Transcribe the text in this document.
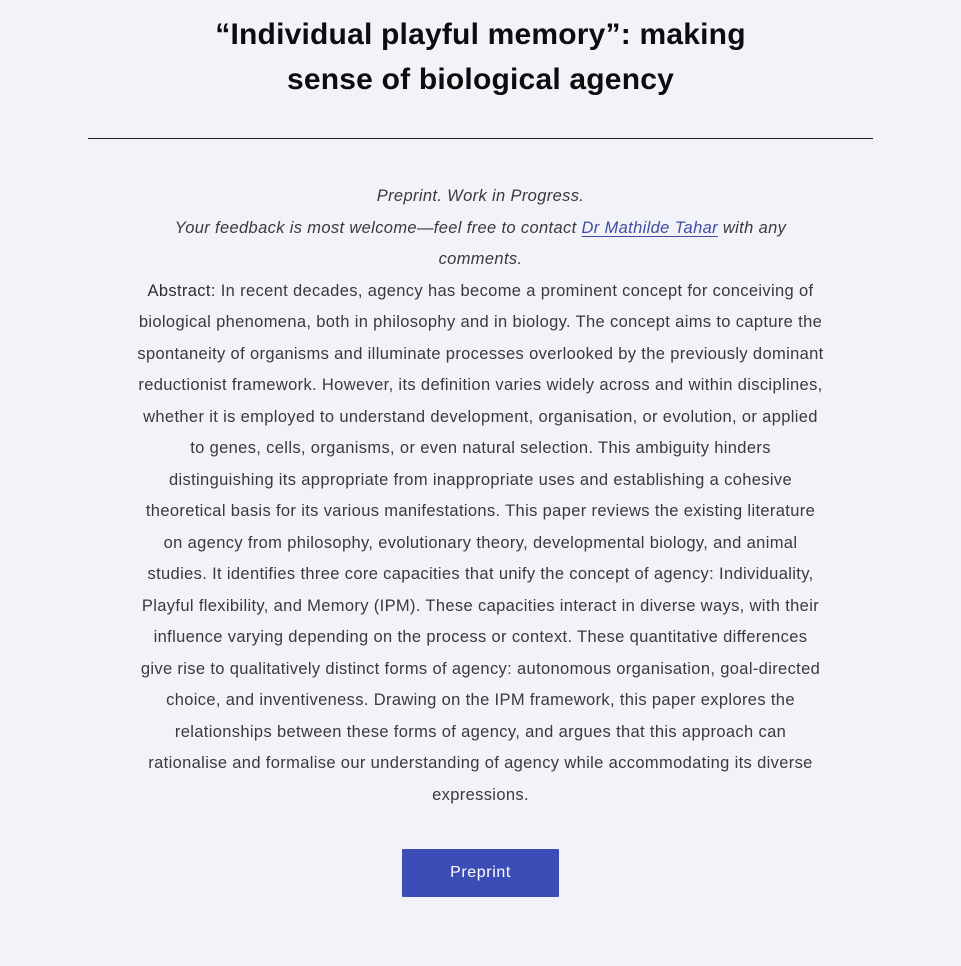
“Individual playful memory”: making
sense of biological agency
Preprint. Work in Progress.
Your feedback is most welcome—feel free to contact Dr Mathilde Tahar with any comments.

Abstract: In recent decades, agency has become a prominent concept for conceiving of biological phenomena, both in philosophy and in biology. The concept aims to capture the spontaneity of organisms and illuminate processes overlooked by the previously dominant reductionist framework. However, its definition varies widely across and within disciplines, whether it is employed to understand development, organisation, or evolution, or applied to genes, cells, organisms, or even natural selection. This ambiguity hinders distinguishing its appropriate from inappropriate uses and establishing a cohesive theoretical basis for its various manifestations. This paper reviews the existing literature on agency from philosophy, evolutionary theory, developmental biology, and animal studies. It identifies three core capacities that unify the concept of agency: Individuality, Playful flexibility, and Memory (IPM). These capacities interact in diverse ways, with their influence varying depending on the process or context. These quantitative differences give rise to qualitatively distinct forms of agency: autonomous organisation, goal-directed choice, and inventiveness. Drawing on the IPM framework, this paper explores the relationships between these forms of agency, and argues that this approach can rationalise and formalise our understanding of agency while accommodating its diverse expressions.

Preprint
